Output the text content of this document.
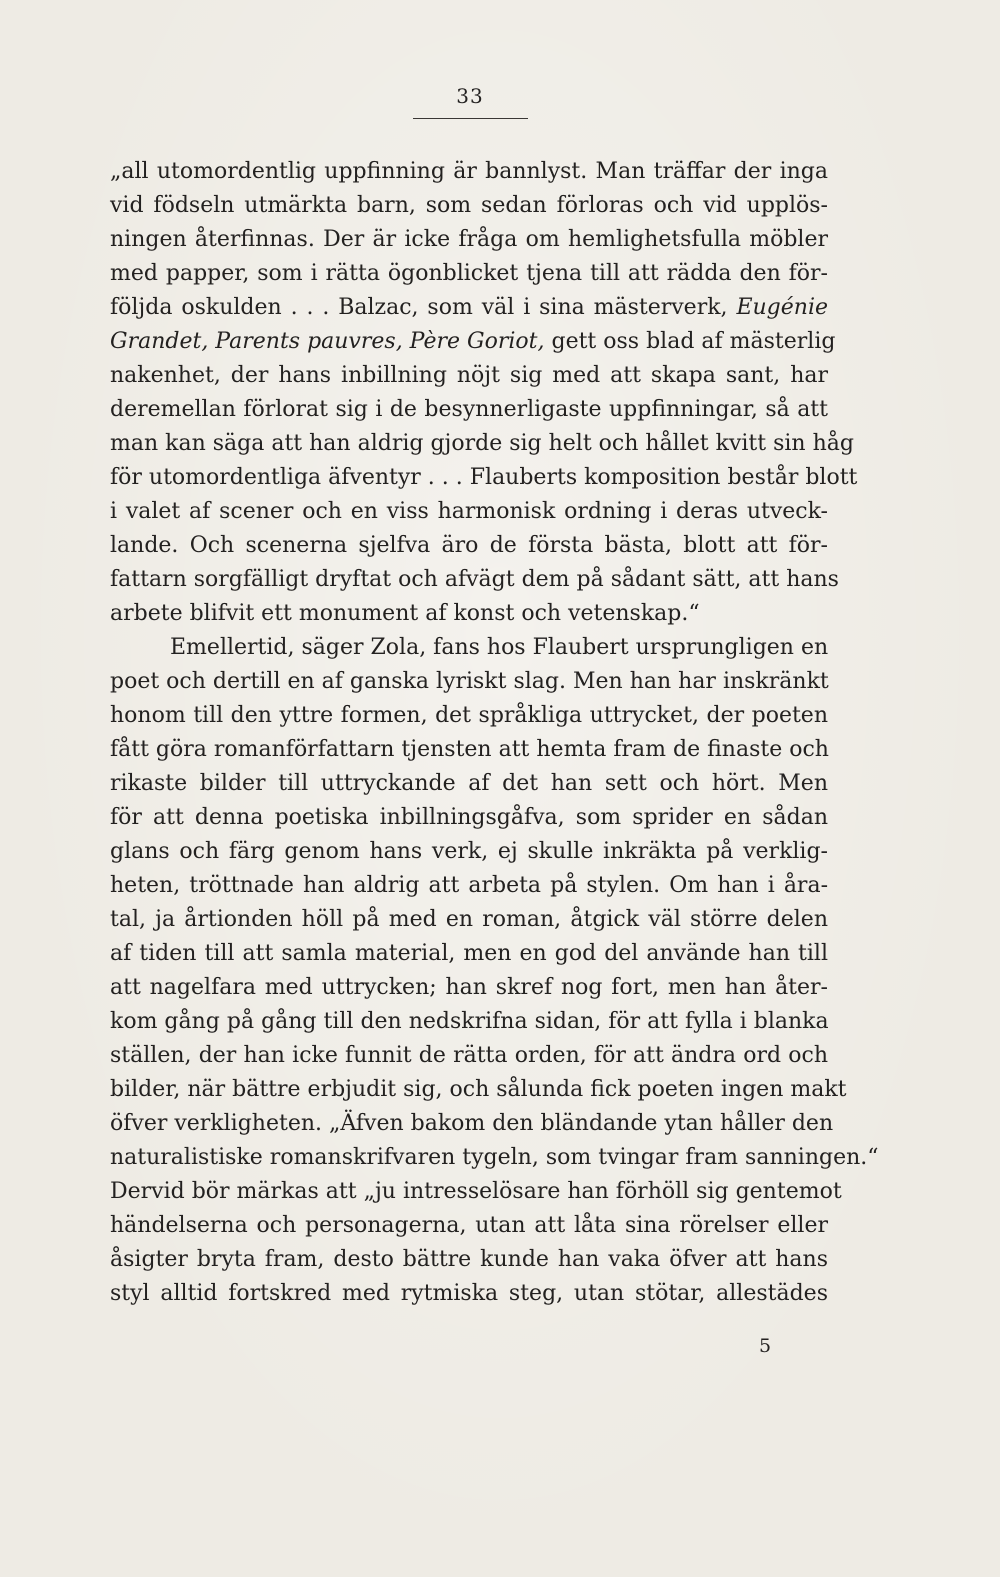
33
„all utomordentlig uppfinning är bannlyst. Man träffar der inga
vid födseln utmärkta barn, som sedan förloras och vid upplös-
ningen återfinnas. Der är icke fråga om hemlighetsfulla möbler
med papper, som i rätta ögonblicket tjena till att rädda den för-
följda oskulden . . . Balzac, som väl i sina mästerverk, Eugénie
Grandet, Parents pauvres, Père Goriot, gett oss blad af mästerlig
nakenhet, der hans inbillning nöjt sig med att skapa sant, har
deremellan förlorat sig i de besynnerligaste uppfinningar, så att
man kan säga att han aldrig gjorde sig helt och hållet kvitt sin håg
för utomordentliga äfventyr . . . Flauberts komposition består blott
i valet af scener och en viss harmonisk ordning i deras utveck-
lande. Och scenerna sjelfva äro de första bästa, blott att för-
fattarn sorgfälligt dryftat och afvägt dem på sådant sätt, att hans
arbete blifvit ett monument af konst och vetenskap.“
Emellertid, säger Zola, fans hos Flaubert ursprungligen en
poet och dertill en af ganska lyriskt slag. Men han har inskränkt
honom till den yttre formen, det språkliga uttrycket, der poeten
fått göra romanförfattarn tjensten att hemta fram de finaste och
rikaste bilder till uttryckande af det han sett och hört. Men
för att denna poetiska inbillningsgåfva, som sprider en sådan
glans och färg genom hans verk, ej skulle inkräkta på verklig-
heten, tröttnade han aldrig att arbeta på stylen. Om han i åra-
tal, ja årtionden höll på med en roman, åtgick väl större delen
af tiden till att samla material, men en god del använde han till
att nagelfara med uttrycken; han skref nog fort, men han åter-
kom gång på gång till den nedskrifna sidan, för att fylla i blanka
ställen, der han icke funnit de rätta orden, för att ändra ord och
bilder, när bättre erbjudit sig, och sålunda fick poeten ingen makt
öfver verkligheten. „Äfven bakom den bländande ytan håller den
naturalistiske romanskrifvaren tygeln, som tvingar fram sanningen.“
Dervid bör märkas att „ju intresselösare han förhöll sig gentemot
händelserna och personagerna, utan att låta sina rörelser eller
åsigter bryta fram, desto bättre kunde han vaka öfver att hans
styl alltid fortskred med rytmiska steg, utan stötar, allestädes
5
